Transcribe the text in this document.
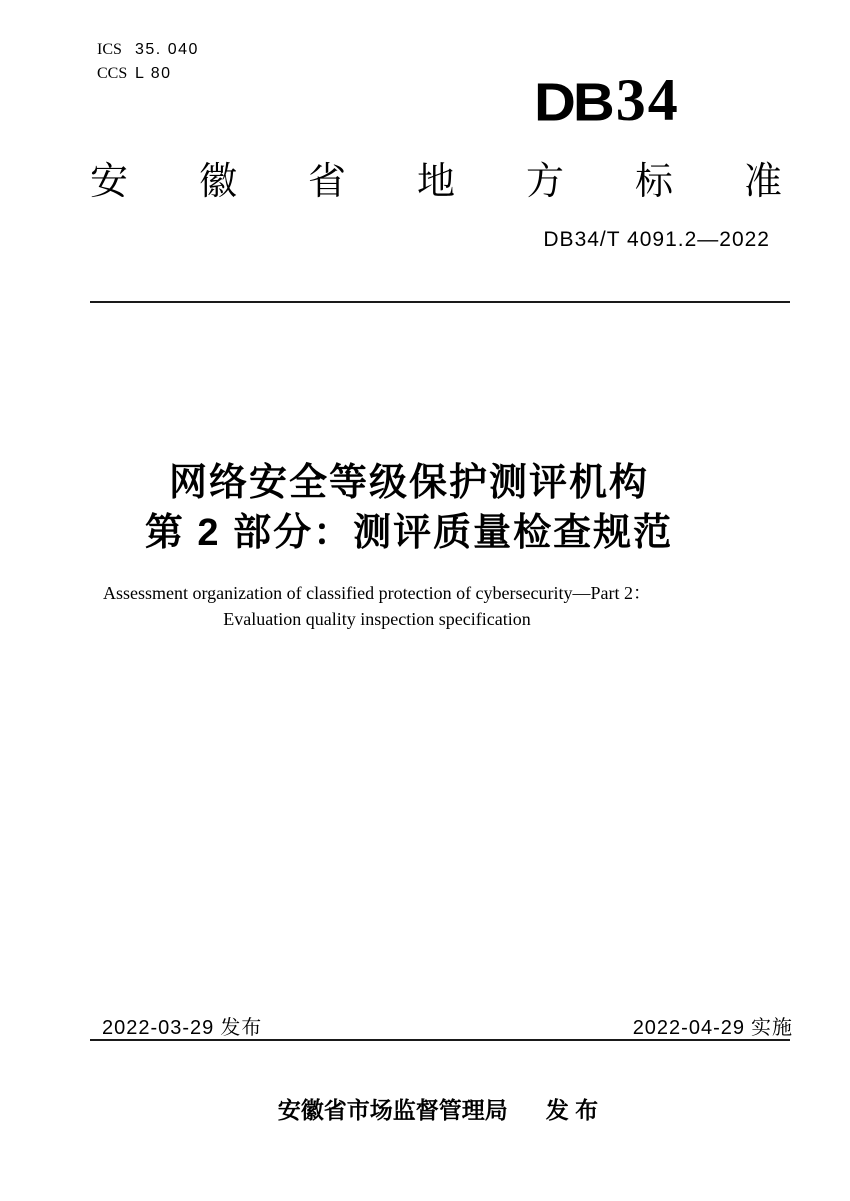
ICS 35. 040
CCS L 80	DB34
安徽省地方标准
DB34/T 4091.2—2022
网络安全等级保护测评机构
第 2 部分：测评质量检查规范
Assessment organization of classified protection of cybersecurity—Part 2：
Evaluation quality inspection specification
2022-03-29 发布	2022-04-29 实施
安徽省市场监督管理局 发 布
